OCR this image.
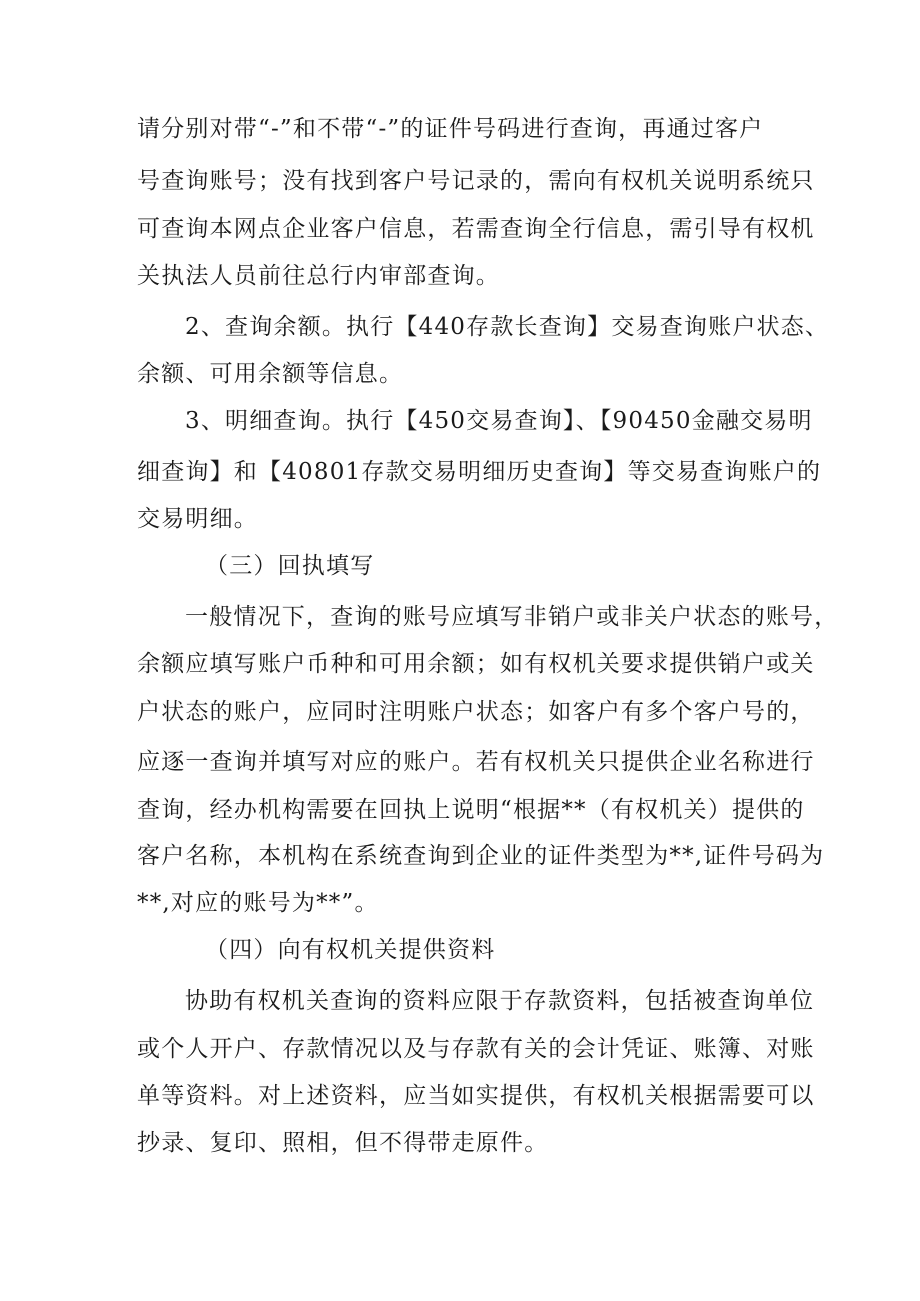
请分别对带“-”和不带“-”的证件号码进行查询，再通过客户
号查询账号；没有找到客户号记录的，需向有权机关说明系统只
可查询本网点企业客户信息，若需查询全行信息，需引导有权机
关执法人员前往总行内审部查询。
2、查询余额。执行【440存款长查询】交易查询账户状态、
余额、可用余额等信息。
3、明细查询。执行【450交易查询】、【90450金融交易明
细查询】和【40801存款交易明细历史查询】等交易查询账户的
交易明细。
（三）回执填写
一般情况下，查询的账号应填写非销户或非关户状态的账号，
余额应填写账户币种和可用余额；如有权机关要求提供销户或关
户状态的账户，应同时注明账户状态；如客户有多个客户号的，
应逐一查询并填写对应的账户。若有权机关只提供企业名称进行
查询，经办机构需要在回执上说明“根据**（有权机关）提供的
客户名称，本机构在系统查询到企业的证件类型为**,证件号码为
**,对应的账号为**”。
（四）向有权机关提供资料
协助有权机关查询的资料应限于存款资料，包括被查询单位
或个人开户、存款情况以及与存款有关的会计凭证、账簿、对账
单等资料。对上述资料，应当如实提供，有权机关根据需要可以
抄录、复印、照相，但不得带走原件。
